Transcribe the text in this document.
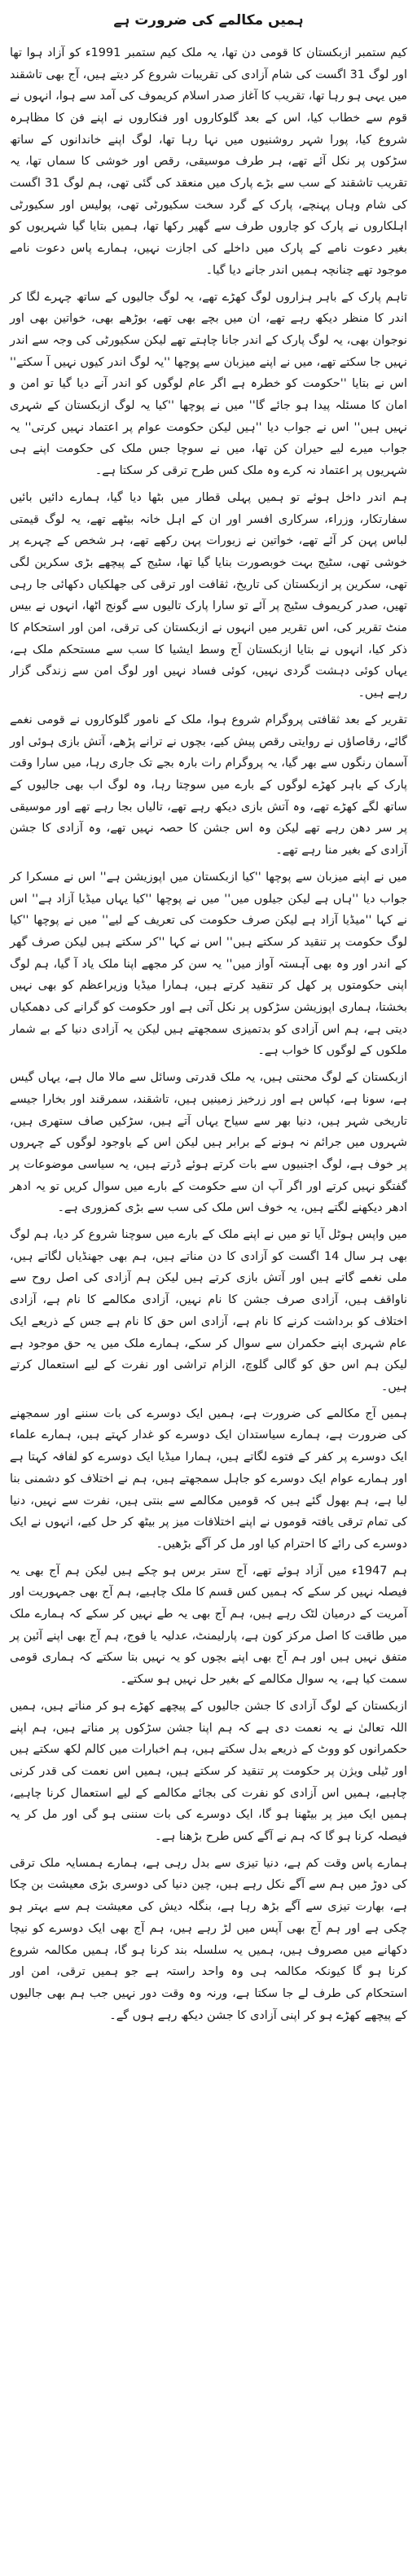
ہمیں مکالمے کی ضرورت ہے

کیم ستمبر ازبکستان کا قومی دن تھا، یہ ملک کیم ستمبر 1991ء کو آزاد ہوا تھا اور لوگ 31 اگست کی شام آزادی کی تقریبات شروع کر دیتے ہیں، آج بھی تاشقند میں یہی ہو رہا تھا، تقریب کا آغاز صدر اسلام کریموف کی آمد سے ہوا، انہوں نے قوم سے خطاب کیا، اس کے بعد گلوکاروں اور فنکاروں نے اپنے فن کا مظاہرہ شروع کیا، پورا شہر روشنیوں میں نہا رہا تھا، لوگ اپنے خاندانوں کے ساتھ سڑکوں پر نکل آئے تھے، ہر طرف موسیقی، رقص اور خوشی کا سماں تھا، یہ تقریب تاشقند کے سب سے بڑے پارک میں منعقد کی گئی تھی، ہم لوگ 31 اگست کی شام وہاں پہنچے، پارک کے گرد سخت سکیورٹی تھی، پولیس اور سکیورٹی اہلکاروں نے پارک کو چاروں طرف سے گھیر رکھا تھا، ہمیں بتایا گیا شہریوں کو بغیر دعوت نامے کے پارک میں داخلے کی اجازت نہیں، ہمارے پاس دعوت نامے موجود تھے چنانچہ ہمیں اندر جانے دیا گیا۔

تاہم پارک کے باہر ہزاروں لوگ کھڑے تھے، یہ لوگ جالیوں کے ساتھ چہرے لگا کر اندر کا منظر دیکھ رہے تھے، ان میں بچے بھی تھے، بوڑھے بھی، خواتین بھی اور نوجوان بھی، یہ لوگ پارک کے اندر جانا چاہتے تھے لیکن سکیورٹی کی وجہ سے اندر نہیں جا سکتے تھے، میں نے اپنے میزبان سے پوچھا ''یہ لوگ اندر کیوں نہیں آ سکتے'' اس نے بتایا ''حکومت کو خطرہ ہے اگر عام لوگوں کو اندر آنے دیا گیا تو امن و امان کا مسئلہ پیدا ہو جائے گا'' میں نے پوچھا ''کیا یہ لوگ ازبکستان کے شہری نہیں ہیں'' اس نے جواب دیا ''ہیں لیکن حکومت عوام پر اعتماد نہیں کرتی'' یہ جواب میرے لیے حیران کن تھا، میں نے سوچا جس ملک کی حکومت اپنے ہی شہریوں پر اعتماد نہ کرے وہ ملک کس طرح ترقی کر سکتا ہے۔

ہم اندر داخل ہوئے تو ہمیں پہلی قطار میں بٹھا دیا گیا، ہمارے دائیں بائیں سفارتکار، وزراء، سرکاری افسر اور ان کے اہل خانہ بیٹھے تھے، یہ لوگ قیمتی لباس پہن کر آئے تھے، خواتین نے زیورات پہن رکھے تھے، ہر شخص کے چہرے پر خوشی تھی، سٹیج بہت خوبصورت بنایا گیا تھا، سٹیج کے پیچھے بڑی سکرین لگی تھی، سکرین پر ازبکستان کی تاریخ، ثقافت اور ترقی کی جھلکیاں دکھائی جا رہی تھیں، صدر کریموف سٹیج پر آئے تو سارا پارک تالیوں سے گونج اٹھا، انہوں نے بیس منٹ تقریر کی، اس تقریر میں انہوں نے ازبکستان کی ترقی، امن اور استحکام کا ذکر کیا، انہوں نے بتایا ازبکستان آج وسط ایشیا کا سب سے مستحکم ملک ہے، یہاں کوئی دہشت گردی نہیں، کوئی فساد نہیں اور لوگ امن سے زندگی گزار رہے ہیں۔

تقریر کے بعد ثقافتی پروگرام شروع ہوا، ملک کے نامور گلوکاروں نے قومی نغمے گائے، رقاصاؤں نے روایتی رقص پیش کیے، بچوں نے ترانے پڑھے، آتش بازی ہوئی اور آسمان رنگوں سے بھر گیا، یہ پروگرام رات بارہ بجے تک جاری رہا، میں سارا وقت پارک کے باہر کھڑے لوگوں کے بارے میں سوچتا رہا، وہ لوگ اب بھی جالیوں کے ساتھ لگے کھڑے تھے، وہ آتش بازی دیکھ رہے تھے، تالیاں بجا رہے تھے اور موسیقی پر سر دھن رہے تھے لیکن وہ اس جشن کا حصہ نہیں تھے، وہ آزادی کا جشن آزادی کے بغیر منا رہے تھے۔

میں نے اپنے میزبان سے پوچھا ''کیا ازبکستان میں اپوزیشن ہے'' اس نے مسکرا کر جواب دیا ''ہاں ہے لیکن جیلوں میں'' میں نے پوچھا ''کیا یہاں میڈیا آزاد ہے'' اس نے کہا ''میڈیا آزاد ہے لیکن صرف حکومت کی تعریف کے لیے'' میں نے پوچھا ''کیا لوگ حکومت پر تنقید کر سکتے ہیں'' اس نے کہا ''کر سکتے ہیں لیکن صرف گھر کے اندر اور وہ بھی آہستہ آواز میں'' یہ سن کر مجھے اپنا ملک یاد آ گیا، ہم لوگ اپنی حکومتوں پر کھل کر تنقید کرتے ہیں، ہمارا میڈیا وزیراعظم کو بھی نہیں بخشتا، ہماری اپوزیشن سڑکوں پر نکل آتی ہے اور حکومت کو گرانے کی دھمکیاں دیتی ہے، ہم اس آزادی کو بدتمیزی سمجھتے ہیں لیکن یہ آزادی دنیا کے بے شمار ملکوں کے لوگوں کا خواب ہے۔

ازبکستان کے لوگ محنتی ہیں، یہ ملک قدرتی وسائل سے مالا مال ہے، یہاں گیس ہے، سونا ہے، کپاس ہے اور زرخیز زمینیں ہیں، تاشقند، سمرقند اور بخارا جیسے تاریخی شہر ہیں، دنیا بھر سے سیاح یہاں آتے ہیں، سڑکیں صاف ستھری ہیں، شہروں میں جرائم نہ ہونے کے برابر ہیں لیکن اس کے باوجود لوگوں کے چہروں پر خوف ہے، لوگ اجنبیوں سے بات کرتے ہوئے ڈرتے ہیں، یہ سیاسی موضوعات پر گفتگو نہیں کرتے اور اگر آپ ان سے حکومت کے بارے میں سوال کریں تو یہ ادھر ادھر دیکھنے لگتے ہیں، یہ خوف اس ملک کی سب سے بڑی کمزوری ہے۔

میں واپس ہوٹل آیا تو میں نے اپنے ملک کے بارے میں سوچنا شروع کر دیا، ہم لوگ بھی ہر سال 14 اگست کو آزادی کا دن مناتے ہیں، ہم بھی جھنڈیاں لگاتے ہیں، ملی نغمے گاتے ہیں اور آتش بازی کرتے ہیں لیکن ہم آزادی کی اصل روح سے ناواقف ہیں، آزادی صرف جشن کا نام نہیں، آزادی مکالمے کا نام ہے، آزادی اختلاف کو برداشت کرنے کا نام ہے، آزادی اس حق کا نام ہے جس کے ذریعے ایک عام شہری اپنے حکمران سے سوال کر سکے، ہمارے ملک میں یہ حق موجود ہے لیکن ہم اس حق کو گالی گلوچ، الزام تراشی اور نفرت کے لیے استعمال کرتے ہیں۔

ہمیں آج مکالمے کی ضرورت ہے، ہمیں ایک دوسرے کی بات سننے اور سمجھنے کی ضرورت ہے، ہمارے سیاستدان ایک دوسرے کو غدار کہتے ہیں، ہمارے علماء ایک دوسرے پر کفر کے فتوے لگاتے ہیں، ہمارا میڈیا ایک دوسرے کو لفافہ کہتا ہے اور ہمارے عوام ایک دوسرے کو جاہل سمجھتے ہیں، ہم نے اختلاف کو دشمنی بنا لیا ہے، ہم بھول گئے ہیں کہ قومیں مکالمے سے بنتی ہیں، نفرت سے نہیں، دنیا کی تمام ترقی یافتہ قوموں نے اپنے اختلافات میز پر بیٹھ کر حل کیے، انہوں نے ایک دوسرے کی رائے کا احترام کیا اور مل کر آگے بڑھیں۔

ہم 1947ء میں آزاد ہوئے تھے، آج ستر برس ہو چکے ہیں لیکن ہم آج بھی یہ فیصلہ نہیں کر سکے کہ ہمیں کس قسم کا ملک چاہیے، ہم آج بھی جمہوریت اور آمریت کے درمیان لٹک رہے ہیں، ہم آج بھی یہ طے نہیں کر سکے کہ ہمارے ملک میں طاقت کا اصل مرکز کون ہے، پارلیمنٹ، عدلیہ یا فوج، ہم آج بھی اپنے آئین پر متفق نہیں ہیں اور ہم آج بھی اپنے بچوں کو یہ نہیں بتا سکتے کہ ہماری قومی سمت کیا ہے، یہ سوال مکالمے کے بغیر حل نہیں ہو سکتے۔

ازبکستان کے لوگ آزادی کا جشن جالیوں کے پیچھے کھڑے ہو کر مناتے ہیں، ہمیں اللہ تعالیٰ نے یہ نعمت دی ہے کہ ہم اپنا جشن سڑکوں پر مناتے ہیں، ہم اپنے حکمرانوں کو ووٹ کے ذریعے بدل سکتے ہیں، ہم اخبارات میں کالم لکھ سکتے ہیں اور ٹیلی ویژن پر حکومت پر تنقید کر سکتے ہیں، ہمیں اس نعمت کی قدر کرنی چاہیے، ہمیں اس آزادی کو نفرت کی بجائے مکالمے کے لیے استعمال کرنا چاہیے، ہمیں ایک میز پر بیٹھنا ہو گا، ایک دوسرے کی بات سننی ہو گی اور مل کر یہ فیصلہ کرنا ہو گا کہ ہم نے آگے کس طرح بڑھنا ہے۔

ہمارے پاس وقت کم ہے، دنیا تیزی سے بدل رہی ہے، ہمارے ہمسایہ ملک ترقی کی دوڑ میں ہم سے آگے نکل رہے ہیں، چین دنیا کی دوسری بڑی معیشت بن چکا ہے، بھارت تیزی سے آگے بڑھ رہا ہے، بنگلہ دیش کی معیشت ہم سے بہتر ہو چکی ہے اور ہم آج بھی آپس میں لڑ رہے ہیں، ہم آج بھی ایک دوسرے کو نیچا دکھانے میں مصروف ہیں، ہمیں یہ سلسلہ بند کرنا ہو گا، ہمیں مکالمہ شروع کرنا ہو گا کیونکہ مکالمہ ہی وہ واحد راستہ ہے جو ہمیں ترقی، امن اور استحکام کی طرف لے جا سکتا ہے، ورنہ وہ وقت دور نہیں جب ہم بھی جالیوں کے پیچھے کھڑے ہو کر اپنی آزادی کا جشن دیکھ رہے ہوں گے۔
